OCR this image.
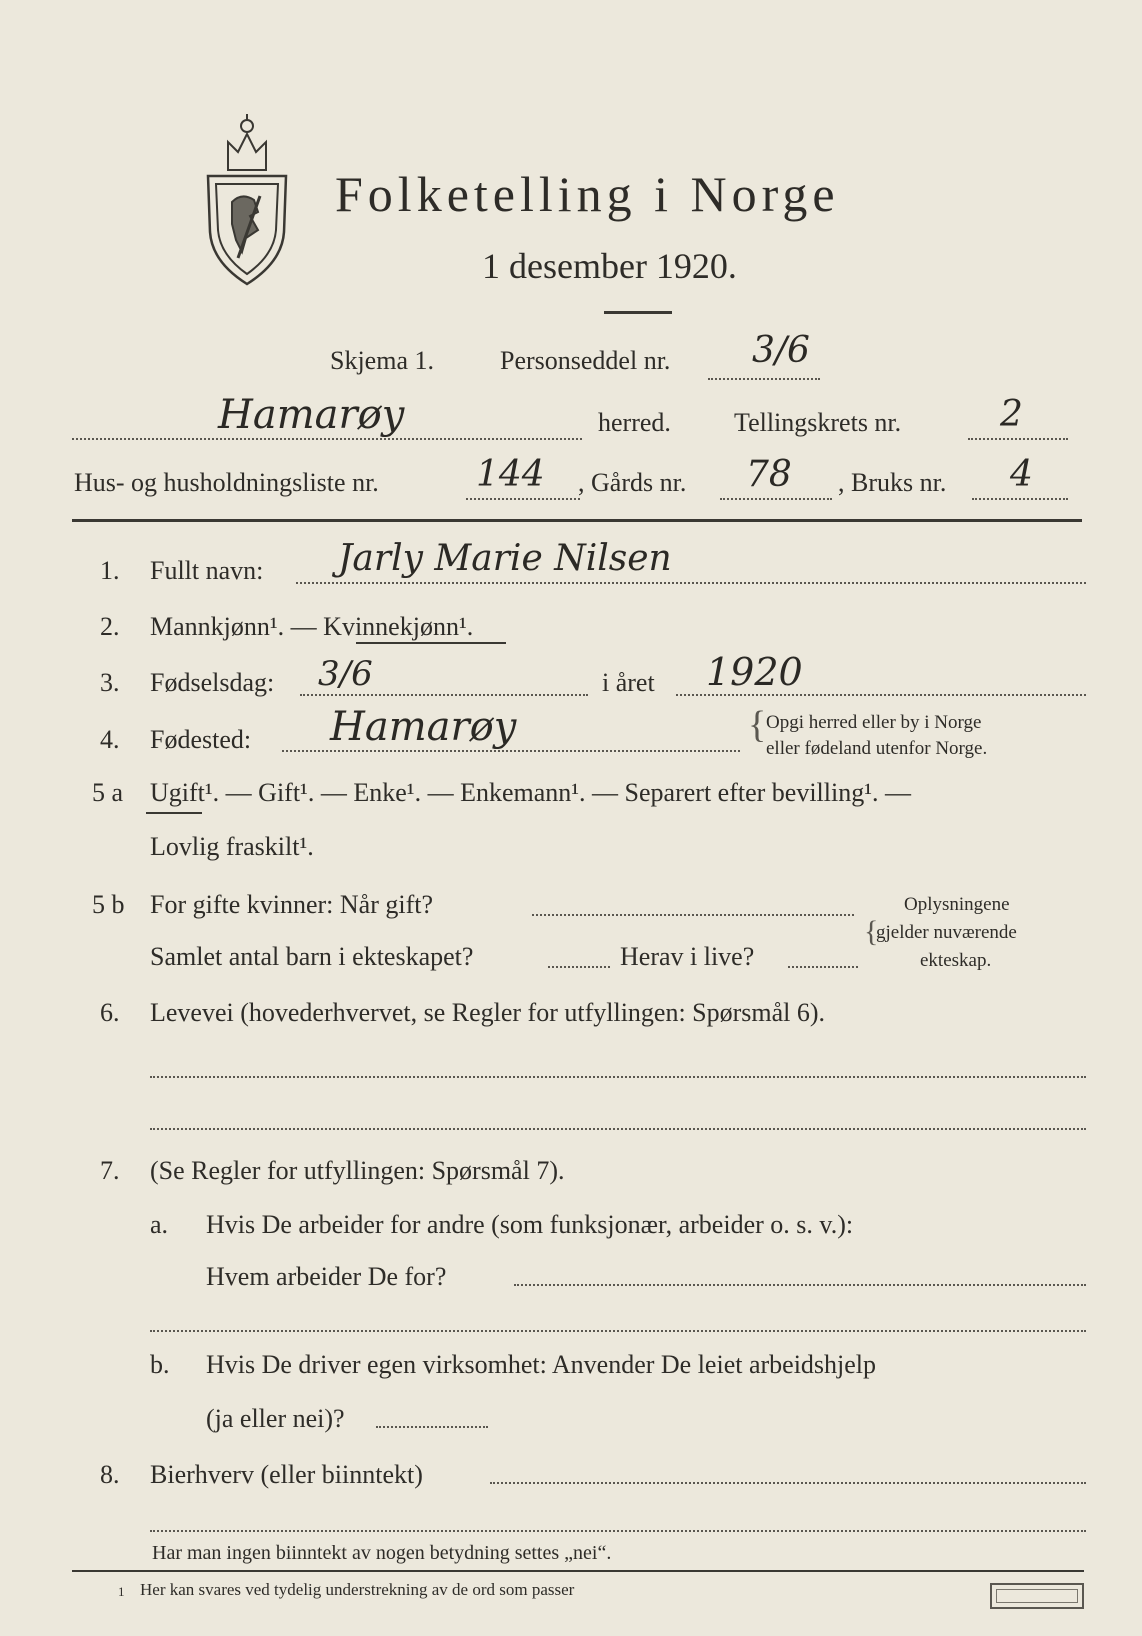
Folketelling i Norge
1 desember 1920.
Skjema 1.	Personseddel nr. 3/6
Hamarøy	herred. Tellingskrets nr.	2
Hus- og husholdningsliste nr.	144 , Gårds nr. 78 , Bruks nr. 4
1. Fullt navn: Jarly Marie Nilsen
2. Mannkjønn¹. — Kvinnekjønn¹.
3. Fødselsdag: 3/6	i året 1920
4. Fødested: Hamarøy	{ Opgi herred eller by i Norge
eller fødeland utenfor Norge.
5 a Ugift¹. — Gift¹. — Enke¹. — Enkemann¹. — Separert efter bevilling¹. —
Lovlig fraskilt¹.
5 b For gifte kvinner: Når gift?
Samlet antal barn i ekteskapet?	Herav i live?
{
Oplysningene
gjelder nuværende
ekteskap.
6. Levevei (hovederhvervet, se Regler for utfyllingen: Spørsmål 6).
7. (Se Regler for utfyllingen: Spørsmål 7).
a. Hvis De arbeider for andre (som funksjonær, arbeider o. s. v.):
Hvem arbeider De for?
b. Hvis De driver egen virksomhet: Anvender De leiet arbeidshjelp
(ja eller nei)?
8. Bierhverv (eller biinntekt)
Har man ingen biinntekt av nogen betydning settes „nei“.
1 Her kan svares ved tydelig understrekning av de ord som passer
